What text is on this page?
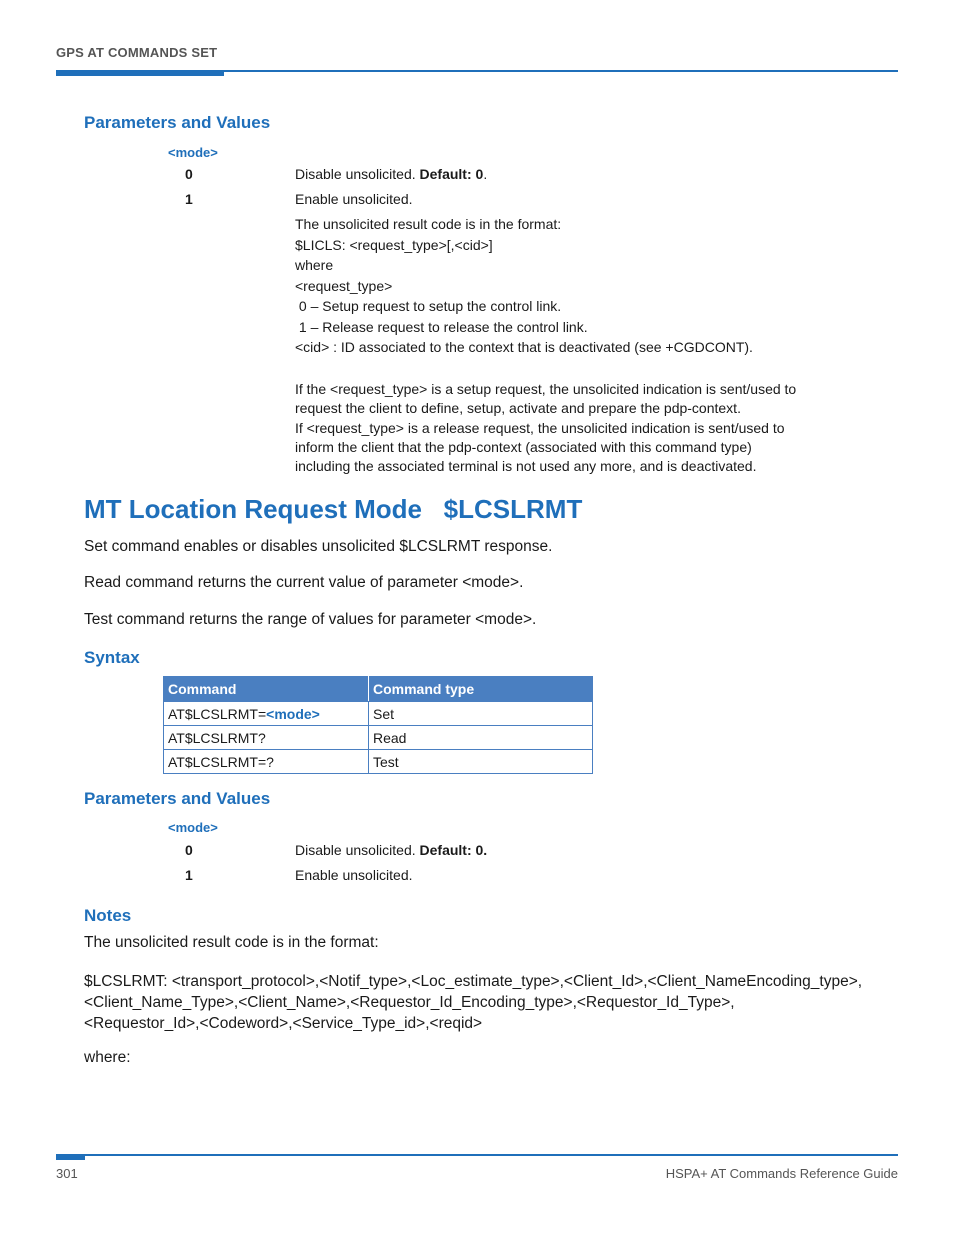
GPS AT COMMANDS SET
Parameters and Values
<mode>
0	Disable unsolicited. Default: 0.
1	Enable unsolicited.
The unsolicited result code is in the format:
$LICLS: <request_type>[,<cid>]
where
<request_type>
0 – Setup request to setup the control link.
1 – Release request to release the control link.
<cid> : ID associated to the context that is deactivated (see +CGDCONT).
If the <request_type> is a setup request, the unsolicited indication is sent/used to
request the client to define, setup, activate and prepare the pdp-context.
If <request_type> is a release request, the unsolicited indication is sent/used to
inform the client that the pdp-context (associated with this command type)
including the associated terminal is not used any more, and is deactivated.
MT Location Request Mode   $LCSLRMT
Set command enables or disables unsolicited $LCSLRMT response.
Read command returns the current value of parameter <mode>.
Test command returns the range of values for parameter <mode>.
Syntax
Command	Command type
AT$LCSLRMT=<mode>	Set
AT$LCSLRMT?	Read
AT$LCSLRMT=?	Test
Parameters and Values
<mode>
0	Disable unsolicited. Default: 0.
1	Enable unsolicited.
Notes
The unsolicited result code is in the format:
$LCSLRMT: <transport_protocol>,<Notif_type>,<Loc_estimate_type>,<Client_Id>,<Client_NameEncoding_type>,
<Client_Name_Type>,<Client_Name>,<Requestor_Id_Encoding_type>,<Requestor_Id_Type>,
<Requestor_Id>,<Codeword>,<Service_Type_id>,<reqid>
where:
301	HSPA+ AT Commands Reference Guide
